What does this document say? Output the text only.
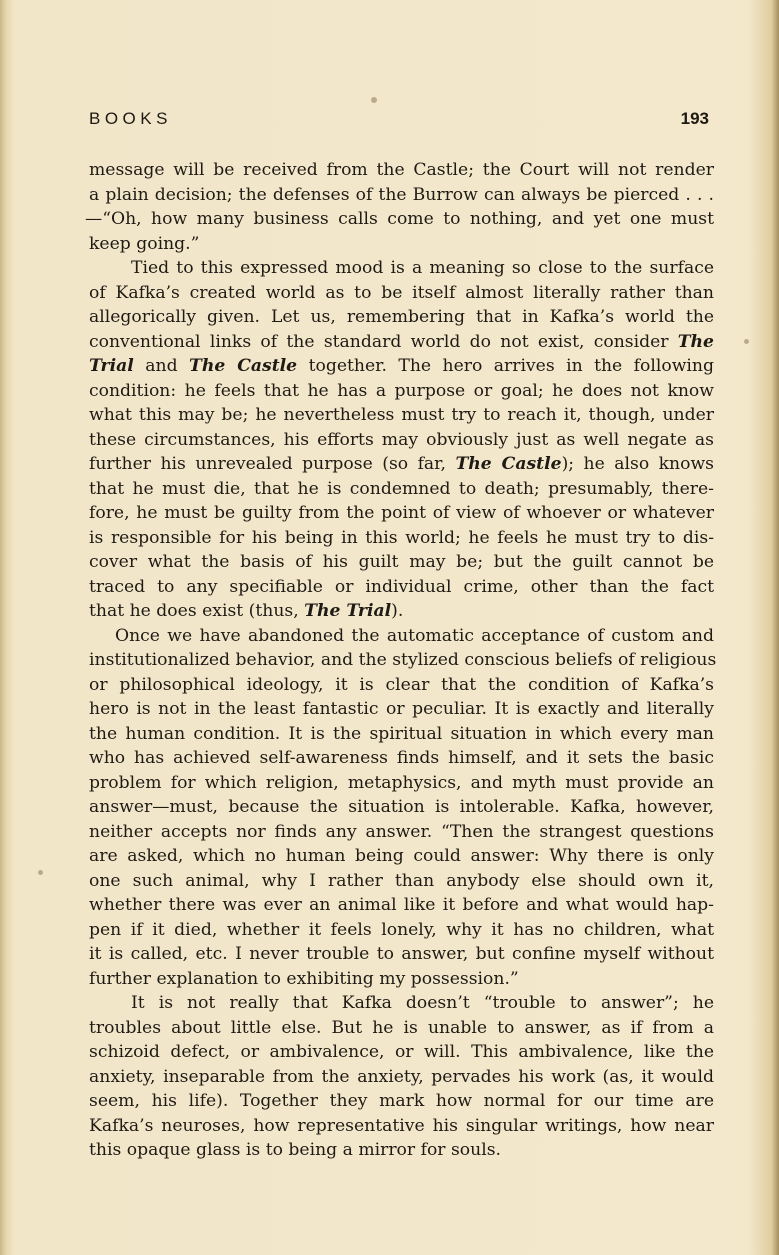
BOOKS	193
message will be received from the Castle; the Court will not render
a plain decision; the defenses of the Burrow can always be pierced . . .
—“Oh, how many business calls come to nothing, and yet one must
keep going.”
Tied to this expressed mood is a meaning so close to the surface
of Kafka’s created world as to be itself almost literally rather than
allegorically given. Let us, remembering that in Kafka’s world the
conventional links of the standard world do not exist, consider The
Trial and The Castle together. The hero arrives in the following
condition: he feels that he has a purpose or goal; he does not know
what this may be; he nevertheless must try to reach it, though, under
these circumstances, his efforts may obviously just as well negate as
further his unrevealed purpose (so far, The Castle); he also knows
that he must die, that he is condemned to death; presumably, there-
fore, he must be guilty from the point of view of whoever or whatever
is responsible for his being in this world; he feels he must try to dis-
cover what the basis of his guilt may be; but the guilt cannot be
traced to any specifiable or individual crime, other than the fact
that he does exist (thus, The Trial).
Once we have abandoned the automatic acceptance of custom and
institutionalized behavior, and the stylized conscious beliefs of religious
or philosophical ideology, it is clear that the condition of Kafka’s
hero is not in the least fantastic or peculiar. It is exactly and literally
the human condition. It is the spiritual situation in which every man
who has achieved self-awareness finds himself, and it sets the basic
problem for which religion, metaphysics, and myth must provide an
answer—must, because the situation is intolerable. Kafka, however,
neither accepts nor finds any answer. “Then the strangest questions
are asked, which no human being could answer: Why there is only
one such animal, why I rather than anybody else should own it,
whether there was ever an animal like it before and what would hap-
pen if it died, whether it feels lonely, why it has no children, what
it is called, etc. I never trouble to answer, but confine myself without
further explanation to exhibiting my possession.”
It is not really that Kafka doesn’t “trouble to answer”; he
troubles about little else. But he is unable to answer, as if from a
schizoid defect, or ambivalence, or will. This ambivalence, like the
anxiety, inseparable from the anxiety, pervades his work (as, it would
seem, his life). Together they mark how normal for our time are
Kafka’s neuroses, how representative his singular writings, how near
this opaque glass is to being a mirror for souls.
